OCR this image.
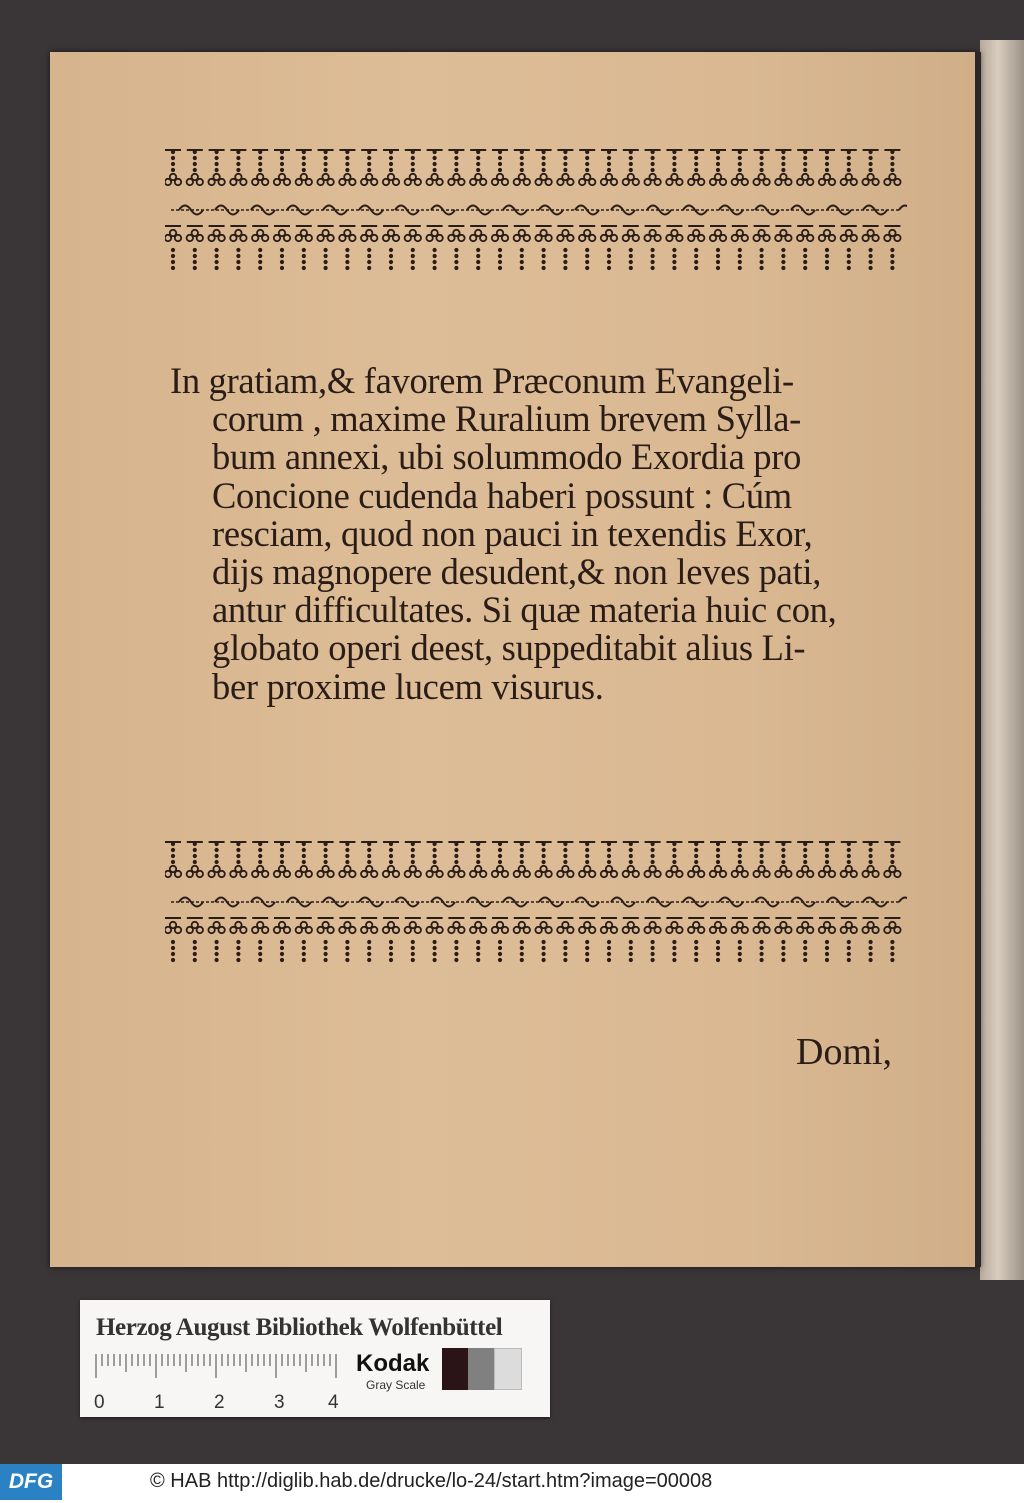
In gratiam,& favorem Præconum Evangeli-
corum , maxime Ruralium brevem Sylla-
bum annexi, ubi solummodo Exordia pro
Concione cudenda haberi possunt : Cúm
resciam, quod non pauci in texendis Exor,
dijs magnopere desudent,& non leves pati,
antur difficultates. Si quæ materia huic con,
globato operi deest, suppeditabit alius Li-
ber proxime lucem visurus.
Domi,
Herzog August Bibliothek Wolfenbüttel
0	1	2	3 4
Kodak
Gray Scale
DFG	© HAB http://diglib.hab.de/drucke/lo-24/start.htm?image=00008
